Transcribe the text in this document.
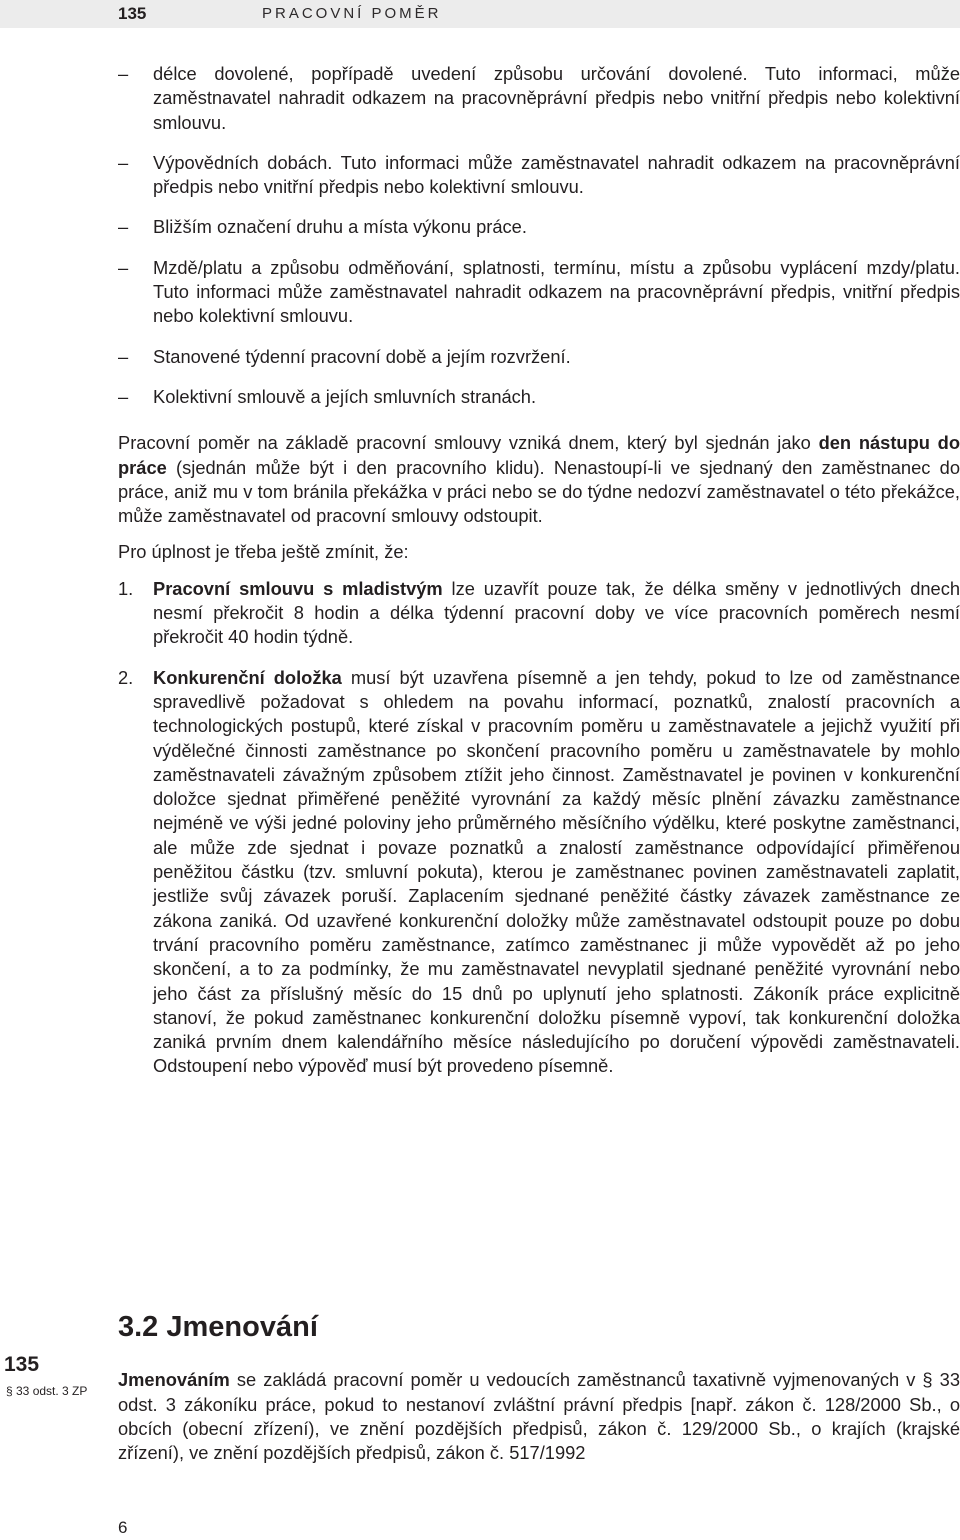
135	PRACOVNÍ POMĚR
– délce dovolené, popřípadě uvedení způsobu určování dovolené. Tuto informaci, může zaměstnavatel nahradit odkazem na pracovněprávní předpis nebo vnitřní předpis nebo kolektivní smlouvu.
– Výpovědních dobách. Tuto informaci může zaměstnavatel nahradit odkazem na pracovněprávní předpis nebo vnitřní předpis nebo kolektivní smlouvu.
– Bližším označení druhu a místa výkonu práce.
– Mzdě/platu a způsobu odměňování, splatnosti, termínu, místu a způsobu vyplácení mzdy/platu. Tuto informaci může zaměstnavatel nahradit odkazem na pracovněprávní předpis, vnitřní předpis nebo kolektivní smlouvu.
– Stanovené týdenní pracovní době a jejím rozvržení.
– Kolektivní smlouvě a jejích smluvních stranách.

Pracovní poměr na základě pracovní smlouvy vzniká dnem, který byl sjednán jako den nástupu do práce (sjednán může být i den pracovního klidu). Nenastoupí-li ve sjednaný den zaměstnanec do práce, aniž mu v tom bránila překážka v práci nebo se do týdne nedozví zaměstnavatel o této překážce, může zaměstnavatel od pracovní smlouvy odstoupit.

Pro úplnost je třeba ještě zmínit, že:

1. Pracovní smlouvu s mladistvým lze uzavřít pouze tak, že délka směny v jednotlivých dnech nesmí překročit 8 hodin a délka týdenní pracovní doby ve více pracovních poměrech nesmí překročit 40 hodin týdně.
2. Konkurenční doložka musí být uzavřena písemně a jen tehdy, pokud to lze od zaměstnance spravedlivě požadovat s ohledem na povahu informací, poznatků, znalostí pracovních a technologických postupů, které získal v pracovním poměru u zaměstnavatele a jejichž využití při výdělečné činnosti zaměstnance po skončení pracovního poměru u zaměstnavatele by mohlo zaměstnavateli závažným způsobem ztížit jeho činnost. Zaměstnavatel je povinen v konkurenční doložce sjednat přiměřené peněžité vyrovnání za každý měsíc plnění závazku zaměstnance nejméně ve výši jedné poloviny jeho průměrného měsíčního výdělku, které poskytne zaměstnanci, ale může zde sjednat i povaze poznatků a znalostí zaměstnance odpovídající přiměřenou peněžitou částku (tzv. smluvní pokuta), kterou je zaměstnanec povinen zaměstnavateli zaplatit, jestliže svůj závazek poruší. Zaplacením sjednané peněžité částky závazek zaměstnance ze zákona zaniká. Od uzavřené konkurenční doložky může zaměstnavatel odstoupit pouze po dobu trvání pracovního poměru zaměstnance, zatímco zaměstnanec ji může vypovědět až po jeho skončení, a to za podmínky, že mu zaměstnavatel nevyplatil sjednané peněžité vyrovnání nebo jeho část za příslušný měsíc do 15 dnů po uplynutí jeho splatnosti. Zákoník práce explicitně stanoví, že pokud zaměstnanec konkurenční doložku písemně vypoví, tak konkurenční doložka zaniká prvním dnem kalendářního měsíce následujícího po doručení výpovědi zaměstnavateli. Odstoupení nebo výpověď musí být provedeno písemně.
3.2 Jmenování
135
§ 33 odst. 3 ZP

Jmenováním se zakládá pracovní poměr u vedoucích zaměstnanců taxativně vyjmenovaných v § 33 odst. 3 zákoníku práce, pokud to nestanoví zvláštní právní předpis [např. zákon č. 128/2000 Sb., o obcích (obecní zřízení), ve znění pozdějších předpisů, zákon č. 129/2000 Sb., o krajích (krajské zřízení), ve znění pozdějších předpisů, zákon č. 517/1992

6
